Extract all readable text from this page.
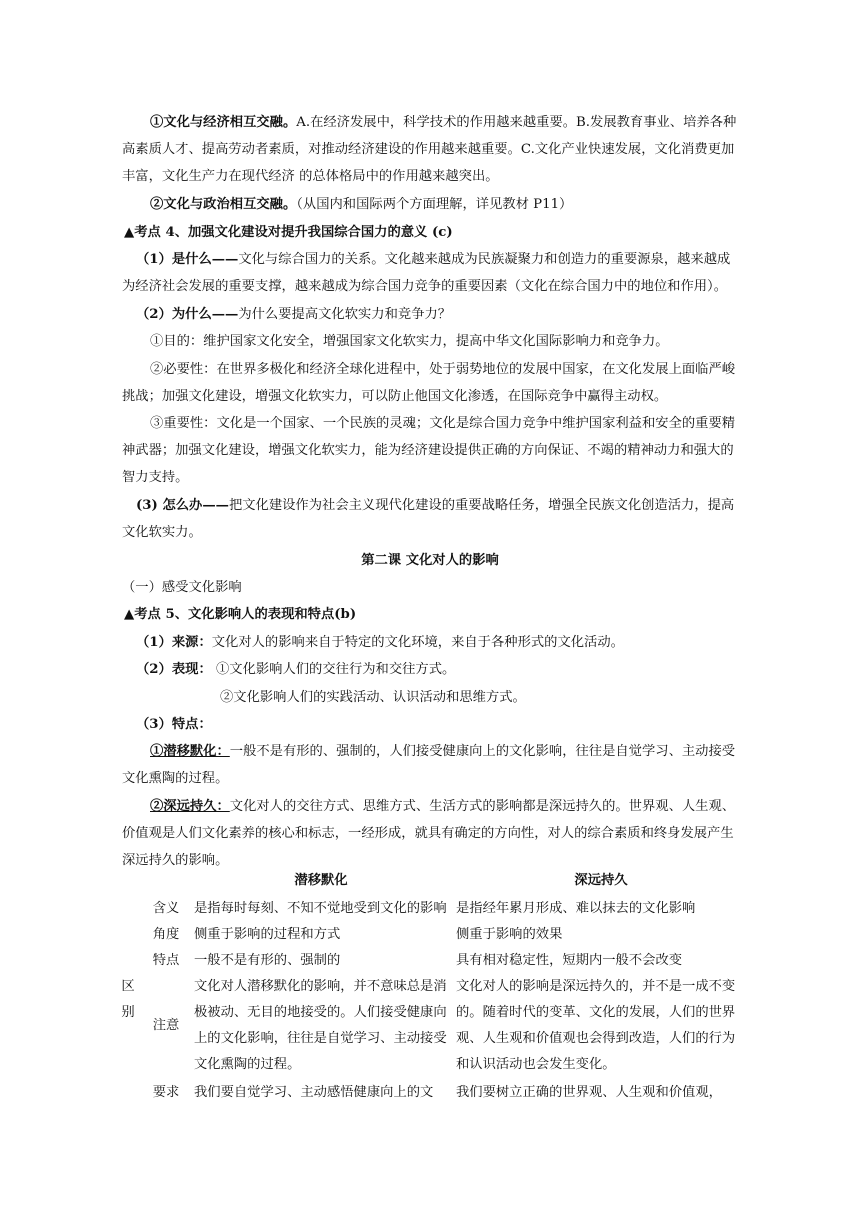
①文化与经济相互交融。A.在经济发展中，科学技术的作用越来越重要。B.发展教育事业、培养各种高素质人才、提高劳动者素质，对推动经济建设的作用越来越重要。C.文化产业快速发展，文化消费更加丰富，文化生产力在现代经济 的总体格局中的作用越来越突出。
②文化与政治相互交融。（从国内和国际两个方面理解，详见教材 P11）
▲考点 4、加强文化建设对提升我国综合国力的意义 (c)
（1）是什么——文化与综合国力的关系。文化越来越成为民族凝聚力和创造力的重要源泉，越来越成为经济社会发展的重要支撑，越来越成为综合国力竞争的重要因素（文化在综合国力中的地位和作用）。
（2）为什么——为什么要提高文化软实力和竞争力？
①目的：维护国家文化安全，增强国家文化软实力，提高中华文化国际影响力和竞争力。
②必要性：在世界多极化和经济全球化进程中，处于弱势地位的发展中国家，在文化发展上面临严峻挑战；加强文化建设，增强文化软实力，可以防止他国文化渗透，在国际竞争中赢得主动权。
③重要性：文化是一个国家、一个民族的灵魂；文化是综合国力竞争中维护国家利益和安全的重要精神武器；加强文化建设，增强文化软实力，能为经济建设提供正确的方向保证、不竭的精神动力和强大的智力支持。
(3) 怎么办——把文化建设作为社会主义现代化建设的重要战略任务，增强全民族文化创造活力，提高文化软实力。
第二课 文化对人的影响
（一）感受文化影响
▲考点 5、文化影响人的表现和特点(b)
（1）来源：文化对人的影响来自于特定的文化环境，来自于各种形式的文化活动。
（2）表现： ①文化影响人们的交往行为和交往方式。
②文化影响人们的实践活动、认识活动和思维方式。
（3）特点：
①潜移默化：一般不是有形的、强制的，人们接受健康向上的文化影响，往往是自觉学习、主动接受文化熏陶的过程。
②深远持久：文化对人的交往方式、思维方式、生活方式的影响都是深远持久的。世界观、人生观、价值观是人们文化素养的核心和标志，一经形成，就具有确定的方向性，对人的综合素质和终身发展产生深远持久的影响。
		潜移默化	深远持久

区别	含义	是指每时每刻、不知不觉地受到文化的影响	是指经年累月形成、难以抹去的文化影响
	角度	侧重于影响的过程和方式	侧重于影响的效果
	特点	一般不是有形的、强制的	具有相对稳定性，短期内一般不会改变
	注意	文化对人潜移默化的影响，并不意味总是消极被动、无目的地接受的。人们接受健康向上的文化影响，往往是自觉学习、主动接受文化熏陶的过程。	文化对人的影响是深远持久的，并不是一成不变的。随着时代的变革、文化的发展，人们的世界观、人生观和价值观也会得到改造，人们的行为和认识活动也会发生变化。
	要求	我们要自觉学习、主动感悟健康向上的文	我们要树立正确的世界观、人生观和价值观，
